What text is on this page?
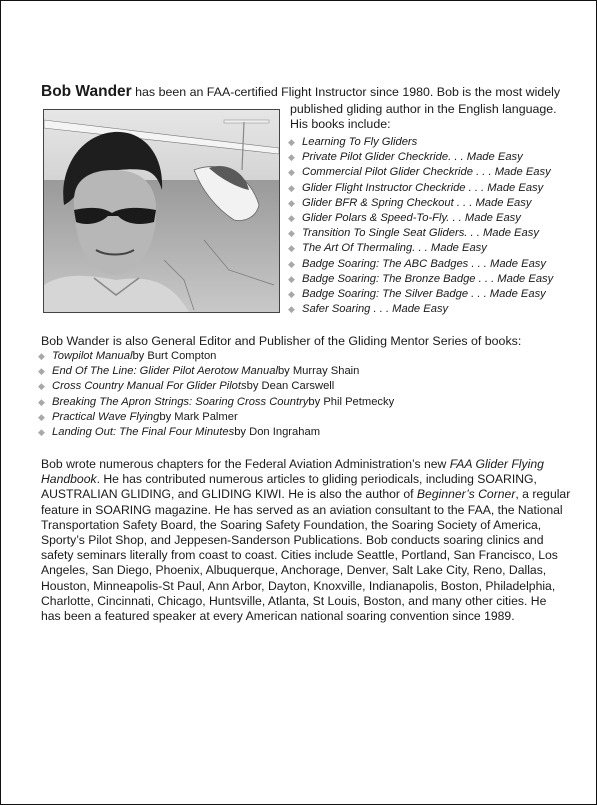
Bob Wander has been an FAA-certified Flight Instructor since 1980. Bob is the most widely
published gliding author in the English language.
His books include:
◆ Learning To Fly Gliders
◆ Private Pilot Glider Checkride. . . Made Easy
◆ Commercial Pilot Glider Checkride . . . Made Easy
◆ Glider Flight Instructor Checkride . . . Made Easy
◆ Glider BFR & Spring Checkout . . . Made Easy
◆ Glider Polars & Speed-To-Fly. . . Made Easy
◆ Transition To Single Seat Gliders. . . Made Easy
◆ The Art Of Thermaling. . . Made Easy
◆ Badge Soaring: The ABC Badges . . . Made Easy
◆ Badge Soaring: The Bronze Badge . . . Made Easy
◆ Badge Soaring: The Silver Badge . . . Made Easy
◆ Safer Soaring . . . Made Easy
Bob Wander is also General Editor and Publisher of the Gliding Mentor Series of books:
◆ Towpilot Manual by Burt Compton
◆ End Of The Line: Glider Pilot Aerotow Manual by Murray Shain
◆ Cross Country Manual For Glider Pilots by Dean Carswell
◆ Breaking The Apron Strings: Soaring Cross Country by Phil Petmecky
◆ Practical Wave Flying by Mark Palmer
◆ Landing Out: The Final Four Minutes by Don Ingraham
Bob wrote numerous chapters for the Federal Aviation Administration’s new FAA Glider Flying
Handbook. He has contributed numerous articles to gliding periodicals, including SOARING,
AUSTRALIAN GLIDING, and GLIDING KIWI. He is also the author of Beginner’s Corner, a regular
feature in SOARING magazine. He has served as an aviation consultant to the FAA, the National
Transportation Safety Board, the Soaring Safety Foundation, the Soaring Society of America,
Sporty’s Pilot Shop, and Jeppesen-Sanderson Publications. Bob conducts soaring clinics and
safety seminars literally from coast to coast. Cities include Seattle, Portland, San Francisco, Los
Angeles, San Diego, Phoenix, Albuquerque, Anchorage, Denver, Salt Lake City, Reno, Dallas,
Houston, Minneapolis-St Paul, Ann Arbor, Dayton, Knoxville, Indianapolis, Boston, Philadelphia,
Charlotte, Cincinnati, Chicago, Huntsville, Atlanta, St Louis, Boston, and many other cities. He
has been a featured speaker at every American national soaring convention since 1989.
